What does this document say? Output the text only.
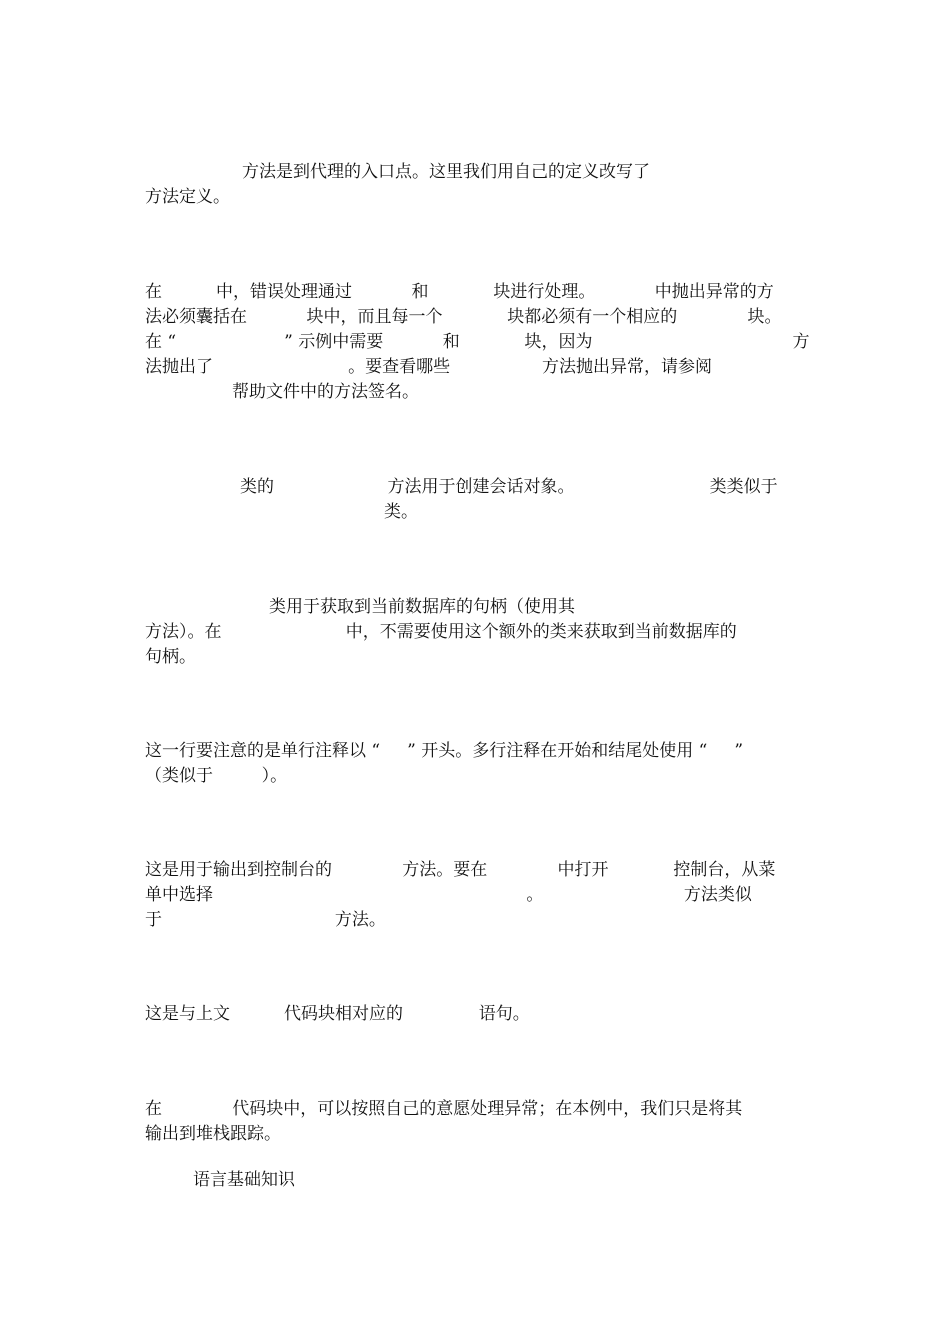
方法是到代理的入口点。这里我们用自己的定义改写了
方法定义。
在          中，错误处理通过           和            块进行处理。           中抛出异常的方
法必须囊括在           块中，而且每一个            块都必须有一个相应的             块。
在 “                    ” 示例中需要           和            块，因为                                     方
法抛出了                         。要查看哪些                 方法抛出异常，请参阅
帮助文件中的方法签名。
类的                     方法用于创建会话对象。                         类类似于
类。
类用于获取到当前数据库的句柄（使用其
方法）。在                       中，不需要使用这个额外的类来获取到当前数据库的
句柄。
这一行要注意的是单行注释以 “     ” 开头。多行注释在开始和结尾处使用 “     ”
（类似于         ）。
这是用于输出到控制台的             方法。要在             中打开            控制台，从菜
单中选择                                                          。                          方法类似
于                                方法。
这是与上文          代码块相对应的              语句。
在             代码块中，可以按照自己的意愿处理异常；在本例中，我们只是将其
输出到堆栈跟踪。
语言基础知识
